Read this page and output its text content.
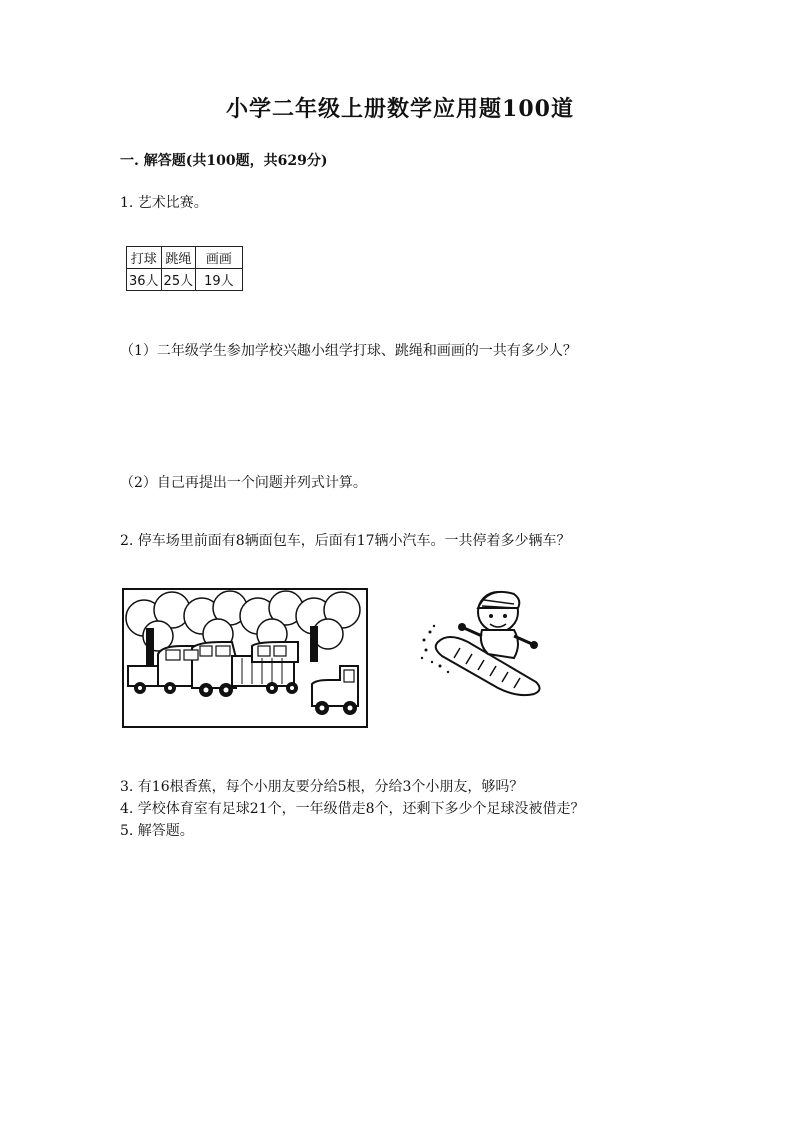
小学二年级上册数学应用题100道
一. 解答题(共100题，共629分)
1. 艺术比赛。
打球	跳绳	画画
36人	25人	19人
（1）二年级学生参加学校兴趣小组学打球、跳绳和画画的一共有多少人？
（2）自己再提出一个问题并列式计算。
2. 停车场里前面有8辆面包车，后面有17辆小汽车。一共停着多少辆车？
3. 有16根香蕉，每个小朋友要分给5根，分给3个小朋友，够吗？
4. 学校体育室有足球21个，一年级借走8个，还剩下多少个足球没被借走？
5. 解答题。
